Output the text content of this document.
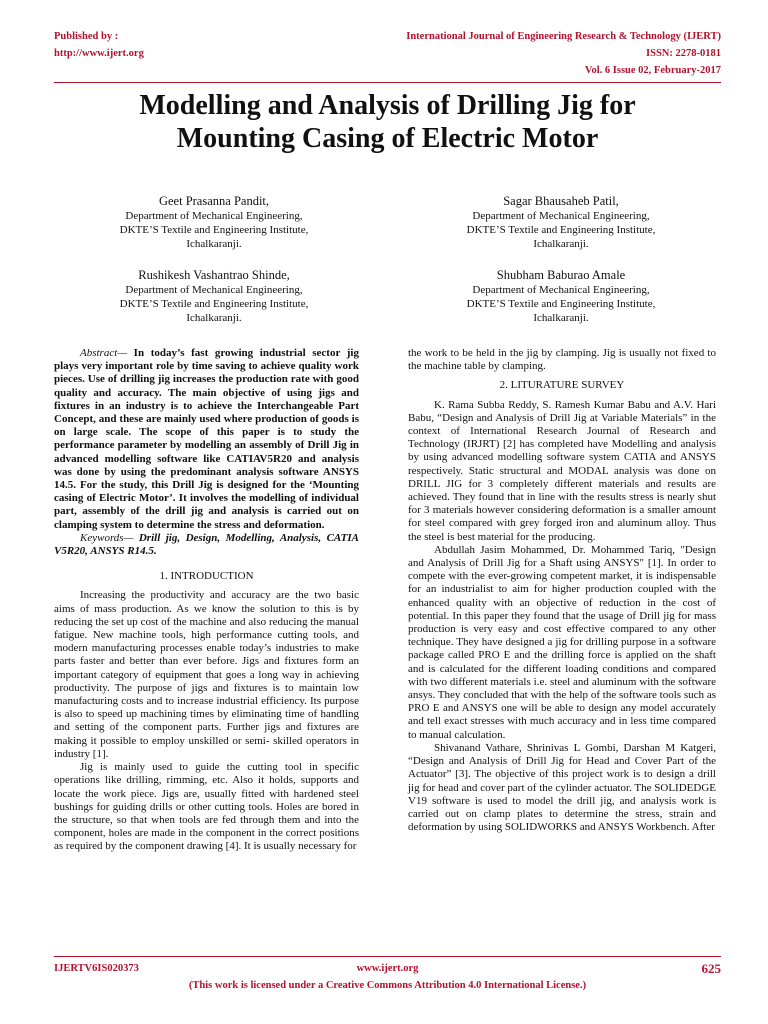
Published by :
http://www.ijert.org
International Journal of Engineering Research & Technology (IJERT)
ISSN: 2278-0181
Vol. 6 Issue 02, February-2017
Modelling and Analysis of Drilling Jig for
Mounting Casing of Electric Motor
Geet Prasanna Pandit,
Department of Mechanical Engineering,
DKTE’S Textile and Engineering Institute,
Ichalkaranji.
Sagar Bhausaheb Patil,
Department of Mechanical Engineering,
DKTE’S Textile and Engineering Institute,
Ichalkaranji.
Rushikesh Vashantrao Shinde,
Department of Mechanical Engineering,
DKTE’S Textile and Engineering Institute,
Ichalkaranji.
Shubham Baburao Amale
Department of Mechanical Engineering,
DKTE’S Textile and Engineering Institute,
Ichalkaranji.

Abstract— In today’s fast growing industrial sector jig plays very important role by time saving to achieve quality work pieces. Use of drilling jig increases the production rate with good quality and accuracy. The main objective of using jigs and fixtures in an industry is to achieve the Interchangeable Part Concept, and these are mainly used where production of goods is on large scale. The scope of this paper is to study the performance parameter by modelling an assembly of Drill Jig in advanced modelling software like CATIAV5R20 and analysis was done by using the predominant analysis software ANSYS 14.5. For the study, this Drill Jig is designed for the ‘Mounting casing of Electric Motor’. It involves the modelling of individual part, assembly of the drill jig and analysis is carried out on clamping system to determine the stress and deformation.

Keywords— Drill jig, Design, Modelling, Analysis, CATIA V5R20, ANSYS R14.5.

1. INTRODUCTION

Increasing the productivity and accuracy are the two basic aims of mass production. As we know the solution to this is by reducing the set up cost of the machine and also reducing the manual fatigue. New machine tools, high performance cutting tools, and modern manufacturing processes enable today’s industries to make parts faster and better than ever before. Jigs and fixtures form an important category of equipment that goes a long way in achieving productivity. The purpose of jigs and fixtures is to maintain low manufacturing costs and to increase industrial efficiency. Its purpose is also to speed up machining times by eliminating time of handling and setting of the component parts. Further jigs and fixtures are making it possible to employ unskilled or semi- skilled operators in industry [1].

Jig is mainly used to guide the cutting tool in specific operations like drilling, rimming, etc. Also it holds, supports and locate the work piece. Jigs are, usually fitted with hardened steel bushings for guiding drills or other cutting tools. Holes are bored in the structure, so that when tools are fed through them and into the component, holes are made in the component in the correct positions as required by the component drawing [4]. It is usually necessary for

the work to be held in the jig by clamping. Jig is usually not fixed to the machine table by clamping.

2. LITURATURE SURVEY

K. Rama Subba Reddy, S. Ramesh Kumar Babu and A.V. Hari Babu, “Design and Analysis of Drill Jig at Variable Materials” in the context of International Research Journal of Research and Technology (IRJRT) [2] has completed have Modelling and analysis by using advanced modelling software system CATIA and ANSYS respectively. Static structural and MODAL analysis was done on DRILL JIG for 3 completely different materials and results are achieved. They found that in line with the results stress is nearly shut for 3 materials however considering deformation is a smaller amount for steel compared with grey forged iron and aluminum alloy. Thus the steel is best material for the producing.

Abdullah Jasim Mohammed, Dr. Mohammed Tariq, "Design and Analysis of Drill Jig for a Shaft using ANSYS" [1]. In order to compete with the ever-growing competent market, it is indispensable for an industrialist to aim for higher production coupled with the enhanced quality with an objective of reduction in the cost of potential. In this paper they found that the usage of Drill jig for mass production is very easy and cost effective compared to any other technique. They have designed a jig for drilling purpose in a software package called PRO E and the drilling force is applied on the shaft and is calculated for the different loading conditions and compared with two different materials i.e. steel and aluminum with the software ansys. They concluded that with the help of the software tools such as PRO E and ANSYS one will be able to design any model accurately and tell exact stresses with much accuracy and in less time compared to manual calculation.

Shivanand Vathare, Shrinivas L Gombi, Darshan M Katgeri, “Design and Analysis of Drill Jig for Head and Cover Part of the Actuator” [3]. The objective of this project work is to design a drill jig for head and cover part of the cylinder actuator. The SOLIDEDGE V19 software is used to model the drill jig, and analysis work is carried out on clamp plates to determine the stress, strain and deformation by using SOLIDWORKS and ANSYS Workbench. After

IJERTV6IS020373	www.ijert.org	625
(This work is licensed under a Creative Commons Attribution 4.0 International License.)
